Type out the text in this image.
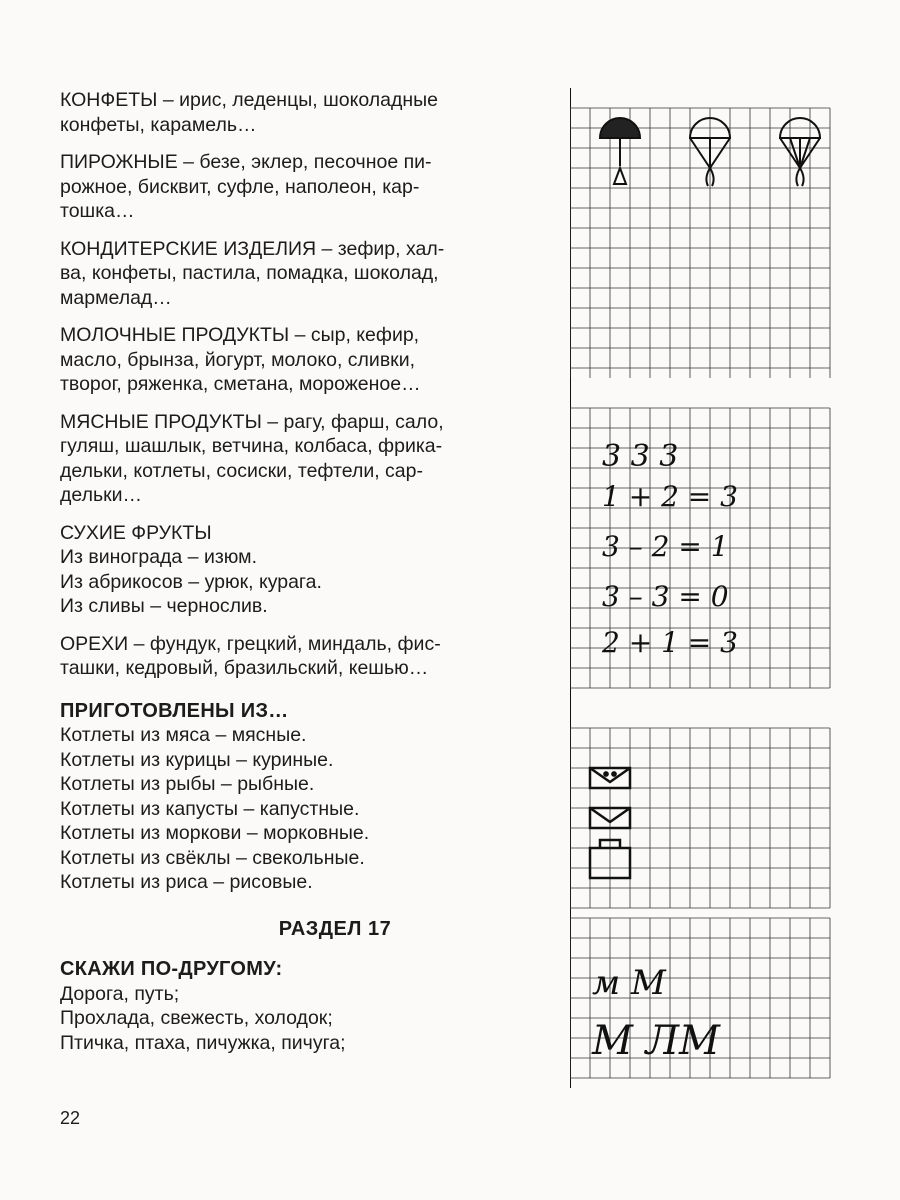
КОНФЕТЫ – ирис, леденцы, шоколадные
конфеты, карамель…
ПИРОЖНЫЕ – безе, эклер, песочное пи-
рожное, бисквит, суфле, наполеон, кар-
тошка…
КОНДИТЕРСКИЕ ИЗДЕЛИЯ – зефир, хал-
ва, конфеты, пастила, помадка, шоколад,
мармелад…
МОЛОЧНЫЕ ПРОДУКТЫ – сыр, кефир,
масло, брынза, йогурт, молоко, сливки,
творог, ряженка, сметана, мороженое…
МЯСНЫЕ ПРОДУКТЫ – рагу, фарш, сало,
гуляш, шашлык, ветчина, колбаса, фрика-
дельки, котлеты, сосиски, тефтели, сар-
дельки…
СУХИЕ ФРУКТЫ
Из винограда – изюм.
Из абрикосов – урюк, курага.
Из сливы – чернослив.
ОРЕХИ – фундук, грецкий, миндаль, фис-
ташки, кедровый, бразильский, кешью…
ПРИГОТОВЛЕНЫ ИЗ…
Котлеты из мяса – мясные.
Котлеты из курицы – куриные.
Котлеты из рыбы – рыбные.
Котлеты из капусты – капустные.
Котлеты из моркови – морковные.
Котлеты из свёклы – свекольные.
Котлеты из риса – рисовые.
РАЗДЕЛ 17
СКАЖИ ПО-ДРУГОМУ:
Дорога, путь;
Прохлада, свежесть, холодок;
Птичка, птаха, пичужка, пичуга;
22
3 3 3
1 + 2 = 3
3 – 2 = 1
3 – 3 = 0
2 + 1 = 3
м М
М ЛМ
